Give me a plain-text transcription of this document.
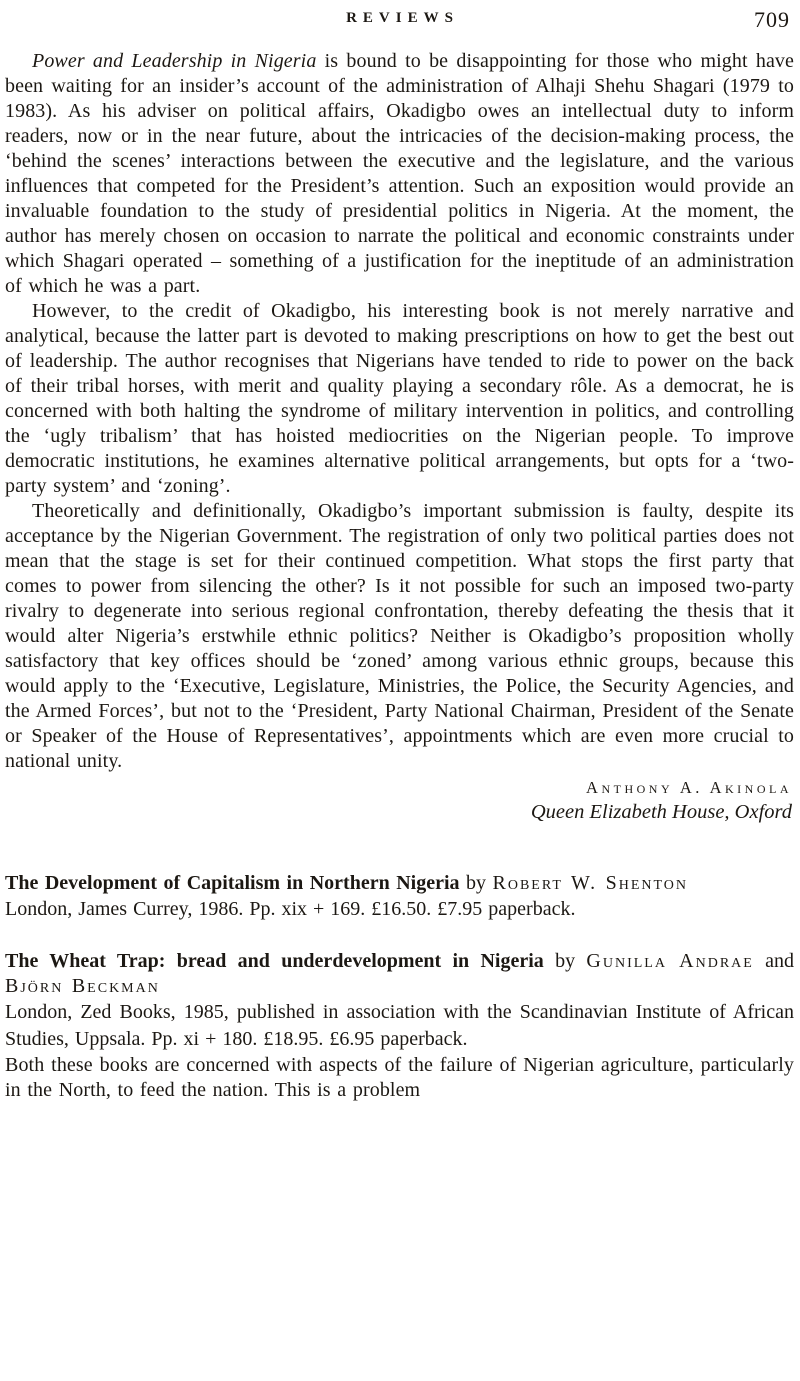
REVIEWS	709

Power and Leadership in Nigeria is bound to be disappointing for those who might have been waiting for an insider’s account of the administration of Alhaji Shehu Shagari (1979 to 1983). As his adviser on political affairs, Okadigbo owes an intellectual duty to inform readers, now or in the near future, about the intricacies of the decision-making process, the ‘behind the scenes’ interactions between the executive and the legislature, and the various influences that competed for the President’s attention. Such an exposition would provide an invaluable foundation to the study of presidential politics in Nigeria. At the moment, the author has merely chosen on occasion to narrate the political and economic constraints under which Shagari operated – something of a justification for the ineptitude of an administration of which he was a part.

However, to the credit of Okadigbo, his interesting book is not merely narrative and analytical, because the latter part is devoted to making prescriptions on how to get the best out of leadership. The author recognises that Nigerians have tended to ride to power on the back of their tribal horses, with merit and quality playing a secondary rôle. As a democrat, he is concerned with both halting the syndrome of military intervention in politics, and controlling the ‘ugly tribalism’ that has hoisted mediocrities on the Nigerian people. To improve democratic institutions, he examines alternative political arrangements, but opts for a ‘two-party system’ and ‘zoning’.

Theoretically and definitionally, Okadigbo’s important submission is faulty, despite its acceptance by the Nigerian Government. The registration of only two political parties does not mean that the stage is set for their continued competition. What stops the first party that comes to power from silencing the other? Is it not possible for such an imposed two-party rivalry to degenerate into serious regional confrontation, thereby defeating the thesis that it would alter Nigeria’s erstwhile ethnic politics? Neither is Okadigbo’s proposition wholly satisfactory that key offices should be ‘zoned’ among various ethnic groups, because this would apply to the ‘Executive, Legislature, Ministries, the Police, the Security Agencies, and the Armed Forces’, but not to the ‘President, Party National Chairman, President of the Senate or Speaker of the House of Representatives’, appointments which are even more crucial to national unity.

Anthony A. Akinola
Queen Elizabeth House, Oxford
The Development of Capitalism in Northern Nigeria by Robert W. Shenton
London, James Currey, 1986. Pp. xix + 169. £16.50. £7.95 paperback.
The Wheat Trap: bread and underdevelopment in Nigeria by Gunilla Andrae and Björn Beckman
London, Zed Books, 1985, published in association with the Scandinavian Institute of African Studies, Uppsala. Pp. xi + 180. £18.95. £6.95 paperback.

Both these books are concerned with aspects of the failure of Nigerian agriculture, particularly in the North, to feed the nation. This is a problem
